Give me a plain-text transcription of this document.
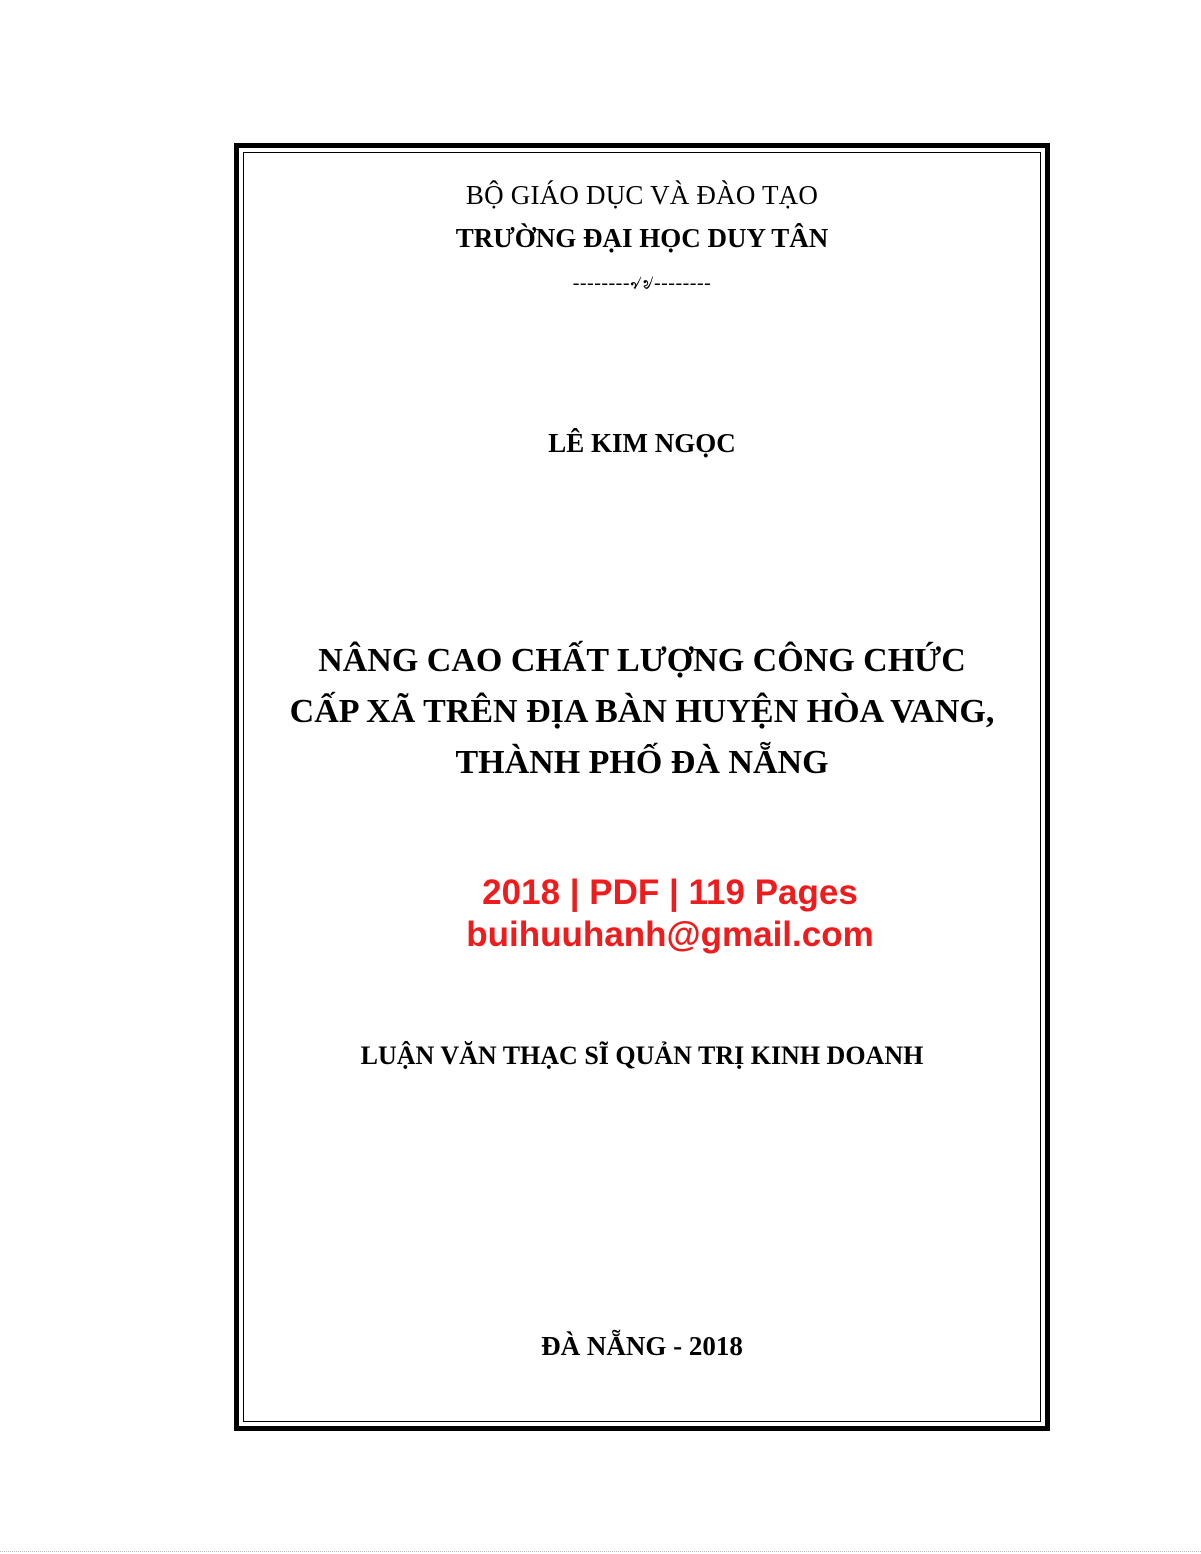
BỘ GIÁO DỤC VÀ ĐÀO TẠO
TRƯỜNG ĐẠI HỌC DUY TÂN
--------৵৶--------
LÊ KIM NGỌC
NÂNG CAO CHẤT LƯỢNG CÔNG CHỨC
CẤP XÃ TRÊN ĐỊA BÀN HUYỆN HÒA VANG,
THÀNH PHỐ ĐÀ NẴNG
2018 | PDF | 119 Pages
buihuuhanh@gmail.com
LUẬN VĂN THẠC SĨ QUẢN TRỊ KINH DOANH
ĐÀ NẴNG - 2018
